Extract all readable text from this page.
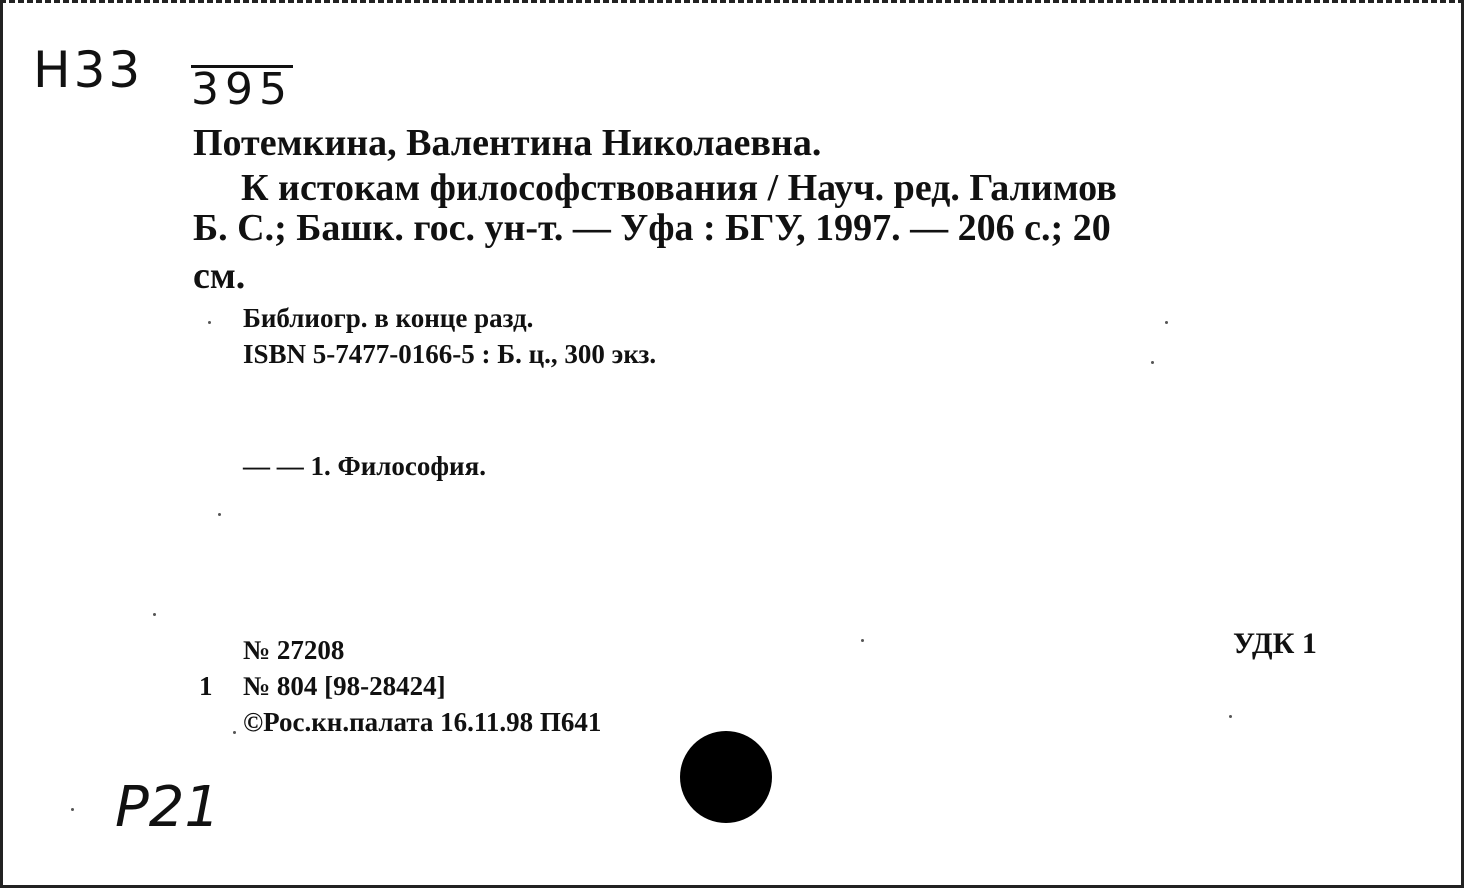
Н33 395
Потемкина, Валентина Николаевна.
К истокам философствования / Науч. ред. Галимов
Б. С.; Башк. гос. ун-т. — Уфа : БГУ, 1997. — 206 с.; 20
см.
Библиогр. в конце разд.
ISBN 5-7477-0166-5 : Б. ц., 300 экз.
— — 1. Философия.
№ 27208	УДК 1
1 № 804 [98-28424]
©Рос.кн.палата 16.11.98 П641
Р21
